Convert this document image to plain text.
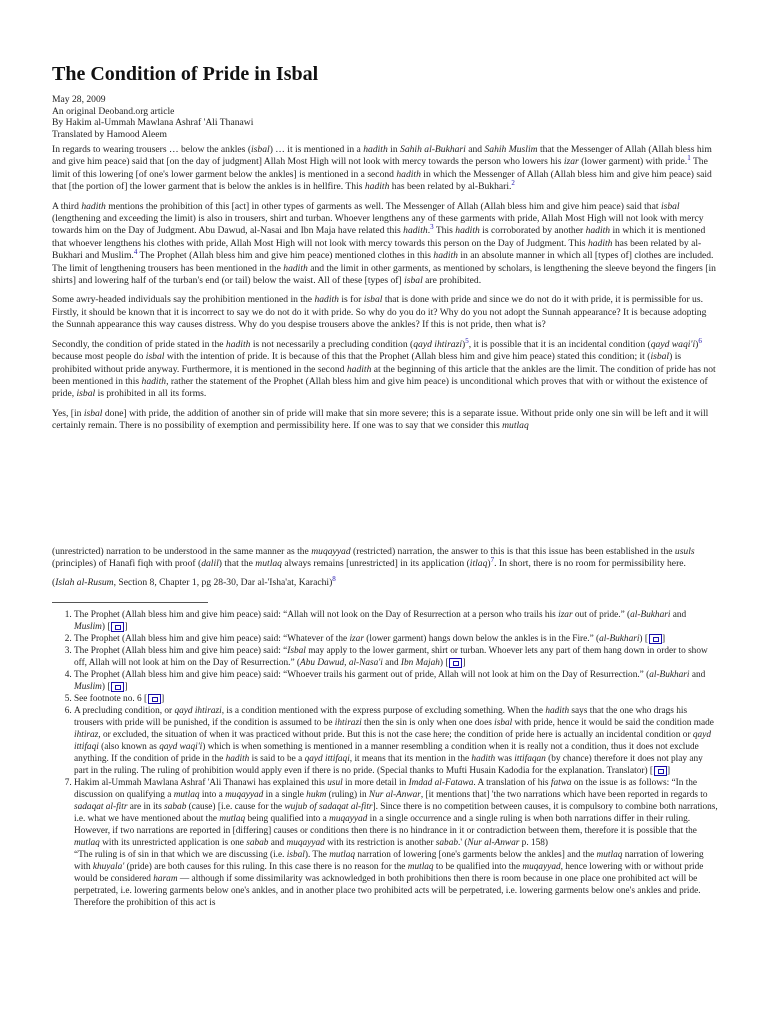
The Condition of Pride in Isbal
May 28, 2009
An original Deoband.org article
By Hakim al-Ummah Mawlana Ashraf 'Ali Thanawi
Translated by Hamood Aleem

In regards to wearing trousers … below the ankles (isbal) … it is mentioned in a hadith in Sahih al-Bukhari and Sahih Muslim that the Messenger of Allah (Allah bless him and give him peace) said that [on the day of judgment] Allah Most High will not look with mercy towards the person who lowers his izar (lower garment) with pride.$^1$ The limit of this lowering [of one's lower garment below the ankles] is mentioned in a second hadith in which the Messenger of Allah (Allah bless him and give him peace) said that [the portion of] the lower garment that is below the ankles is in hellfire. This hadith has been related by al-Bukhari.$^2$

A third hadith mentions the prohibition of this [act] in other types of garments as well. The Messenger of Allah (Allah bless him and give him peace) said that isbal (lengthening and exceeding the limit) is also in trousers, shirt and turban. Whoever lengthens any of these garments with pride, Allah Most High will not look with mercy towards him on the Day of Judgment. Abu Dawud, al-Nasai and Ibn Maja have related this hadith.$^3$ This hadith is corroborated by another hadith in which it is mentioned that whoever lengthens his clothes with pride, Allah Most High will not look with mercy towards this person on the Day of Judgment. This hadith has been related by al-Bukhari and Muslim.$^4$ The Prophet (Allah bless him and give him peace) mentioned clothes in this hadith in an absolute manner in which all [types of] clothes are included. The limit of lengthening trousers has been mentioned in the hadith and the limit in other garments, as mentioned by scholars, is lengthening the sleeve beyond the fingers [in shirts] and lowering half of the turban's end (or tail) below the waist. All of these [types of] isbal are prohibited.

Some awry-headed individuals say the prohibition mentioned in the hadith is for isbal that is done with pride and since we do not do it with pride, it is permissible for us. Firstly, it should be known that it is incorrect to say we do not do it with pride. So why do you do it? Why do you not adopt the Sunnah appearance? It is because adopting the Sunnah appearance this way causes distress. Why do you despise trousers above the ankles? If this is not pride, then what is?

Secondly, the condition of pride stated in the hadith is not necessarily a precluding condition (qayd ihtirazi)$^5$, it is possible that it is an incidental condition (qayd waqi'i)$^6$ because most people do isbal with the intention of pride. It is because of this that the Prophet (Allah bless him and give him peace) stated this condition; it (isbal) is prohibited without pride anyway. Furthermore, it is mentioned in the second hadith at the beginning of this article that the ankles are the limit. The condition of pride has not been mentioned in this hadith, rather the statement of the Prophet (Allah bless him and give him peace) is unconditional which proves that with or without the existence of pride, isbal is prohibited in all its forms.

Yes, [in isbal done] with pride, the addition of another sin of pride will make that sin more severe; this is a separate issue. Without pride only one sin will be left and it will certainly remain. There is no possibility of exemption and permissibility here. If one was to say that we consider this mutlaq

(unrestricted) narration to be understood in the same manner as the muqayyad (restricted) narration, the answer to this is that this issue has been established in the usuls (principles) of Hanafi fiqh with proof (dalil) that the mutlaq always remains [unrestricted] in its application (itlaq)$^7$. In short, there is no room for permissibility here.

(Islah al-Rusum, Section 8, Chapter 1, pg 28-30, Dar al-'Isha'at, Karachi)$^8$

1. The Prophet (Allah bless him and give him peace) said: “Allah will not look on the Day of Resurrection at a person who trails his izar out of pride.” (al-Bukhari and Muslim) [ ]
2. The Prophet (Allah bless him and give him peace) said: “Whatever of the izar (lower garment) hangs down below the ankles is in the Fire.” (al-Bukhari) [ ]
3. The Prophet (Allah bless him and give him peace) said: “Isbal may apply to the lower garment, shirt or turban. Whoever lets any part of them hang down in order to show off, Allah will not look at him on the Day of Resurrection.” (Abu Dawud, al-Nasa'i and Ibn Majah) [ ]
4. The Prophet (Allah bless him and give him peace) said: “Whoever trails his garment out of pride, Allah will not look at him on the Day of Resurrection.” (al-Bukhari and Muslim) [ ]
5. See footnote no. 6 [ ]
6. A precluding condition, or qayd ihtirazi, is a condition mentioned with the express purpose of excluding something. When the hadith says that the one who drags his trousers with pride will be punished, if the condition is assumed to be ihtirazi then the sin is only when one does isbal with pride, hence it would be said the condition made ihtiraz, or excluded, the situation of when it was practiced without pride. But this is not the case here; the condition of pride here is actually an incidental condition or qayd ittifaqi (also known as qayd waqi'i) which is when something is mentioned in a manner resembling a condition when it is really not a condition, thus it does not exclude anything. If the condition of pride in the hadith is said to be a qayd ittifaqi, it means that its mention in the hadith was ittifaqan (by chance) therefore it does not play any part in the ruling. The ruling of prohibition would apply even if there is no pride. (Special thanks to Mufti Husain Kadodia for the explanation. Translator) [ ]
7. Hakim al-Ummah Mawlana Ashraf 'Ali Thanawi has explained this usul in more detail in Imdad al-Fatawa. A translation of his fatwa on the issue is as follows: “In the discussion on qualifying a mutlaq into a muqayyad in a single hukm (ruling) in Nur al-Anwar, [it mentions that] 'the two narrations which have been reported in regards to sadaqat al-fitr are in its sabab (cause) [i.e. cause for the wujub of sadaqat al-fitr]. Since there is no competition between causes, it is compulsory to combine both narrations, i.e. what we have mentioned about the mutlaq being qualified into a muqayyad in a single occurrence and a single ruling is when both narrations differ in their ruling. However, if two narrations are reported in [differing] causes or conditions then there is no hindrance in it or contradiction between them, therefore it is possible that the mutlaq with its unrestricted application is one sabab and muqayyad with its restriction is another sabab.' (Nur al-Anwar p. 158)
“The ruling is of sin in that which we are discussing (i.e. isbal). The mutlaq narration of lowering [one's garments below the ankles] and the mutlaq narration of lowering with khuyala' (pride) are both causes for this ruling. In this case there is no reason for the mutlaq to be qualified into the muqayyad, hence lowering with or without pride would be considered haram — although if some dissimilarity was acknowledged in both prohibitions then there is room because in one place one prohibited act will be perpetrated, i.e. lowering garments below one's ankles, and in another place two prohibited acts will be perpetrated, i.e. lowering garments below one's ankles and pride. Therefore the prohibition of this act is
